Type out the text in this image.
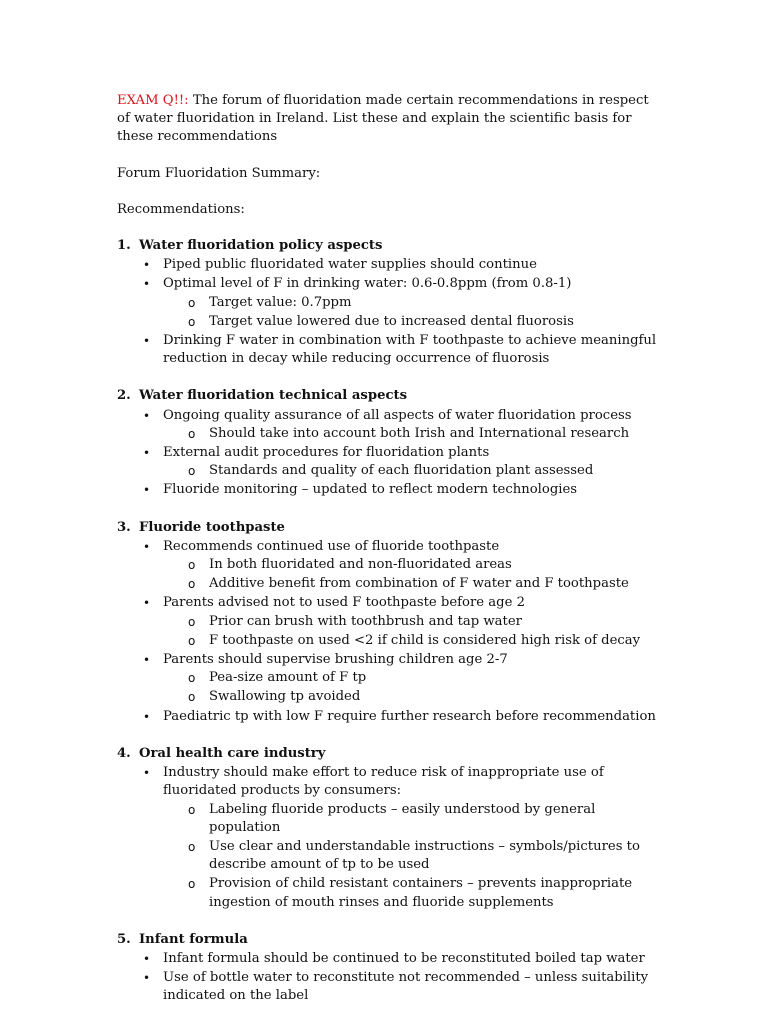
EXAM Q!!: The forum of fluoridation made certain recommendations in respect of water fluoridation in Ireland. List these and explain the scientific basis for these recommendations

Forum Fluoridation Summary:

Recommendations:

1. Water fluoridation policy aspects
• Piped public fluoridated water supplies should continue
• Optimal level of F in drinking water: 0.6-0.8ppm (from 0.8-1)
o Target value: 0.7ppm
o Target value lowered due to increased dental fluorosis
• Drinking F water in combination with F toothpaste to achieve meaningful reduction in decay while reducing occurrence of fluorosis
2. Water fluoridation technical aspects
• Ongoing quality assurance of all aspects of water fluoridation process
o Should take into account both Irish and International research
• External audit procedures for fluoridation plants
o Standards and quality of each fluoridation plant assessed
• Fluoride monitoring – updated to reflect modern technologies
3. Fluoride toothpaste
• Recommends continued use of fluoride toothpaste
o In both fluoridated and non-fluoridated areas
o Additive benefit from combination of F water and F toothpaste
• Parents advised not to used F toothpaste before age 2
o Prior can brush with toothbrush and tap water
o F toothpaste on used <2 if child is considered high risk of decay
• Parents should supervise brushing children age 2-7
o Pea-size amount of F tp
o Swallowing tp avoided
• Paediatric tp with low F require further research before recommendation
4. Oral health care industry
• Industry should make effort to reduce risk of inappropriate use of fluoridated products by consumers:
o Labeling fluoride products – easily understood by general population
o Use clear and understandable instructions – symbols/pictures to describe amount of tp to be used
o Provision of child resistant containers – prevents inappropriate ingestion of mouth rinses and fluoride supplements
5. Infant formula
• Infant formula should be continued to be reconstituted boiled tap water
• Use of bottle water to reconstitute not recommended – unless suitability indicated on the label
